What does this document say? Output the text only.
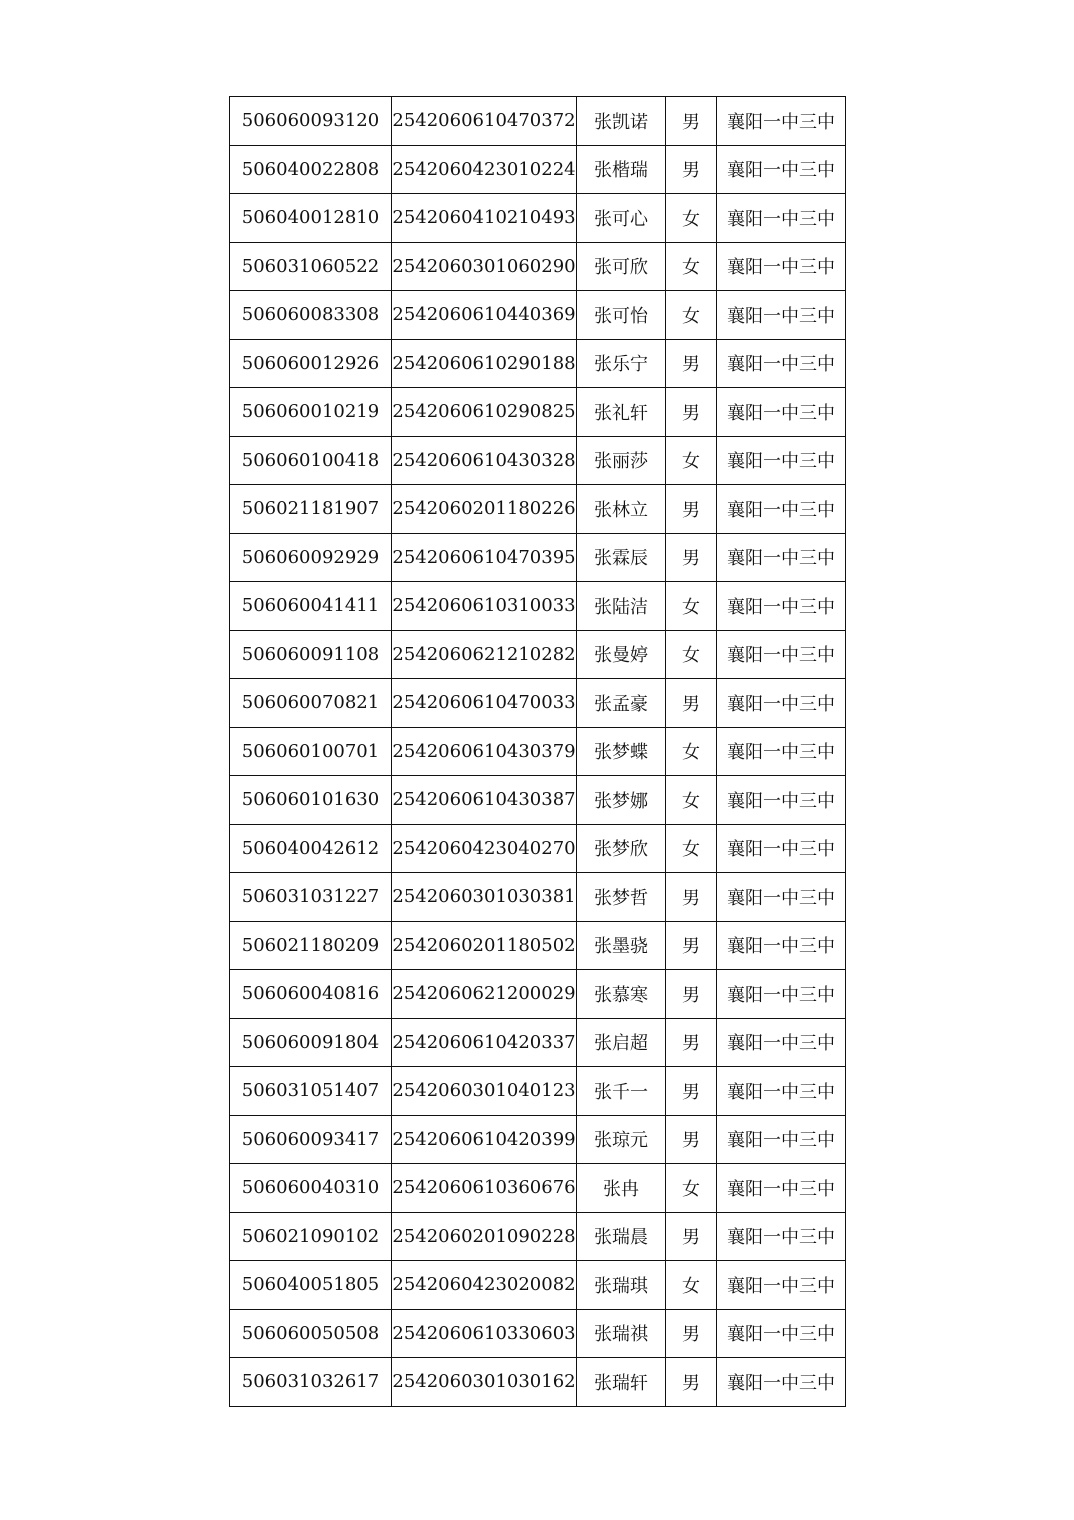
506060093120	2542060610470372	张凯诺	男	襄阳一中三中
506040022808	2542060423010224	张楷瑞	男	襄阳一中三中
506040012810	2542060410210493	张可心	女	襄阳一中三中
506031060522	2542060301060290	张可欣	女	襄阳一中三中
506060083308	2542060610440369	张可怡	女	襄阳一中三中
506060012926	2542060610290188	张乐宁	男	襄阳一中三中
506060010219	2542060610290825	张礼轩	男	襄阳一中三中
506060100418	2542060610430328	张丽莎	女	襄阳一中三中
506021181907	2542060201180226	张林立	男	襄阳一中三中
506060092929	2542060610470395	张霖辰	男	襄阳一中三中
506060041411	2542060610310033	张陆洁	女	襄阳一中三中
506060091108	2542060621210282	张曼婷	女	襄阳一中三中
506060070821	2542060610470033	张孟豪	男	襄阳一中三中
506060100701	2542060610430379	张梦蝶	女	襄阳一中三中
506060101630	2542060610430387	张梦娜	女	襄阳一中三中
506040042612	2542060423040270	张梦欣	女	襄阳一中三中
506031031227	2542060301030381	张梦哲	男	襄阳一中三中
506021180209	2542060201180502	张墨骁	男	襄阳一中三中
506060040816	2542060621200029	张慕寒	男	襄阳一中三中
506060091804	2542060610420337	张启超	男	襄阳一中三中
506031051407	2542060301040123	张千一	男	襄阳一中三中
506060093417	2542060610420399	张琼元	男	襄阳一中三中
506060040310	2542060610360676	张冉	女	襄阳一中三中
506021090102	2542060201090228	张瑞晨	男	襄阳一中三中
506040051805	2542060423020082	张瑞琪	女	襄阳一中三中
506060050508	2542060610330603	张瑞祺	男	襄阳一中三中
506031032617	2542060301030162	张瑞轩	男	襄阳一中三中
